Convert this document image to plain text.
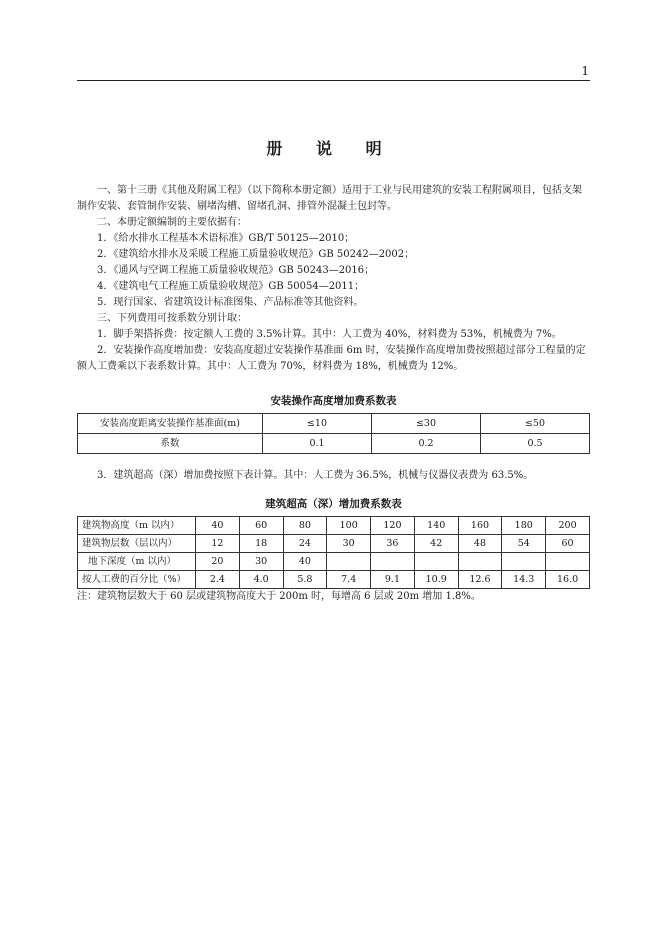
1
册 说 明

一、第十三册《其他及附属工程》（以下简称本册定额）适用于工业与民用建筑的安装工程附属项目，包括支架制作安装、套管制作安装、剔堵沟槽、留堵孔洞、排管外混凝土包封等。

二、本册定额编制的主要依据有：

1．《给水排水工程基本术语标准》GB/T 50125—2010；

2．《建筑给水排水及采暖工程施工质量验收规范》GB 50242—2002；

3．《通风与空调工程施工质量验收规范》GB 50243—2016；

4．《建筑电气工程施工质量验收规范》GB 50054—2011；

5．现行国家、省建筑设计标准图集、产品标准等其他资料。

三、下列费用可按系数分别计取：

1．脚手架搭拆费：按定额人工费的 3.5%计算。其中：人工费为 40%，材料费为 53%，机械费为 7%。

2．安装操作高度增加费：安装高度超过安装操作基准面 6m 时，安装操作高度增加费按照超过部分工程量的定额人工费乘以下表系数计算。其中：人工费为 70%，材料费为 18%，机械费为 12%。

安装操作高度增加费系数表
安装高度距离安装操作基准面(m)	≤10	≤30	≤50
系数	0.1	0.2	0.5

3．建筑超高（深）增加费按照下表计算。其中：人工费为 36.5%，机械与仪器仪表费为 63.5%。

建筑超高（深）增加费系数表
建筑物高度（m 以内）	40	60	80	100	120	140	160	180	200
建筑物层数（层以内）	12	18	24	30	36	42	48	54	60
地下深度（m 以内）	20	30	40						
按人工费的百分比（%）	2.4	4.0	5.8	7.4	9.1	10.9	12.6	14.3	16.0

注：建筑物层数大于 60 层或建筑物高度大于 200m 时，每增高 6 层或 20m 增加 1.8%。
